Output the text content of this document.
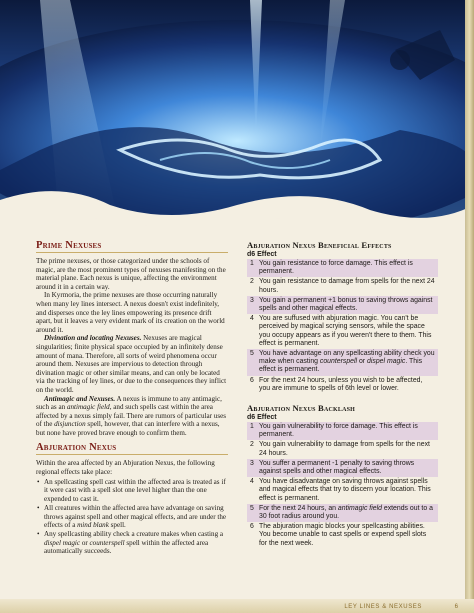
Prime Nexuses

The prime nexuses, or those categorized under the schools of magic, are the most prominent types of nexuses manifesting on the material plane. Each nexus is unique, affecting the environment around it in a certain way.

In Kyrmoria, the prime nexuses are those occurring naturally when many ley lines intersect. A nexus doesn't exist indefinitely, and disperses once the ley lines empowering its presence drift apart, but it leaves a very evident mark of its creation on the world around it.

Divination and locating Nexuses. Nexuses are magical singularities; finite physical space occupied by an infinitely dense amount of mana. Therefore, all sorts of weird phenomena occur around them. Nexuses are impervious to detection through divination magic or other similar means, and can only be located via the tracking of ley lines, or due to the consequences they inflict on the world.

Antimagic and Nexuses. A nexus is immune to any antimagic, such as an antimagic field, and such spells cast within the area affected by a nexus simply fail. There are rumors of particular uses of the disjunction spell, however, that can interfere with a nexus, but none have proved brave enough to confirm them.

Abjuration Nexus

Within the area affected by an Abjuration Nexus, the following regional effects take place:

• An spellcasting spell cast within the affected area is treated as if it were cast with a spell slot one level higher than the one expended to cast it.
• All creatures within the affected area have advantage on saving throws against spell and other magical effects, and are under the effects of a mind blank spell.
• Any spellcasting ability check a creature makes when casting a dispel magic or counterspell spell within the affected area automatically succeeds.
Abjuration Nexus Beneficial Effects
d6 Effect
1 You gain resistance to force damage. This effect is permanent.
2 You gain resistance to damage from spells for the next 24 hours.
3 You gain a permanent +1 bonus to saving throws against spells and other magical effects.
4 You are suffused with abjuration magic. You can't be perceived by magical scrying sensors, while the space you occupy appears as if you weren't there to them. This effect is permanent.
5 You have advantage on any spellcasting ability check you make when casting counterspell or dispel magic. This effect is permanent.
6 For the next 24 hours, unless you wish to be affected, you are immune to spells of 6th level or lower.
Abjuration Nexus Backlash
d6 Effect
1 You gain vulnerability to force damage. This effect is permanent.
2 You gain vulnerability to damage from spells for the next 24 hours.
3 You suffer a permanent -1 penalty to saving throws against spells and other magical effects.
4 You have disadvantage on saving throws against spells and magical effects that try to discern your location. This effect is permanent.
5 For the next 24 hours, an antimagic field extends out to a 30 foot radius around you.
6 The abjuration magic blocks your spellcasting abilities. You become unable to cast spells or expend spell slots for the next week.
LEY LINES & NEXUSES	6
